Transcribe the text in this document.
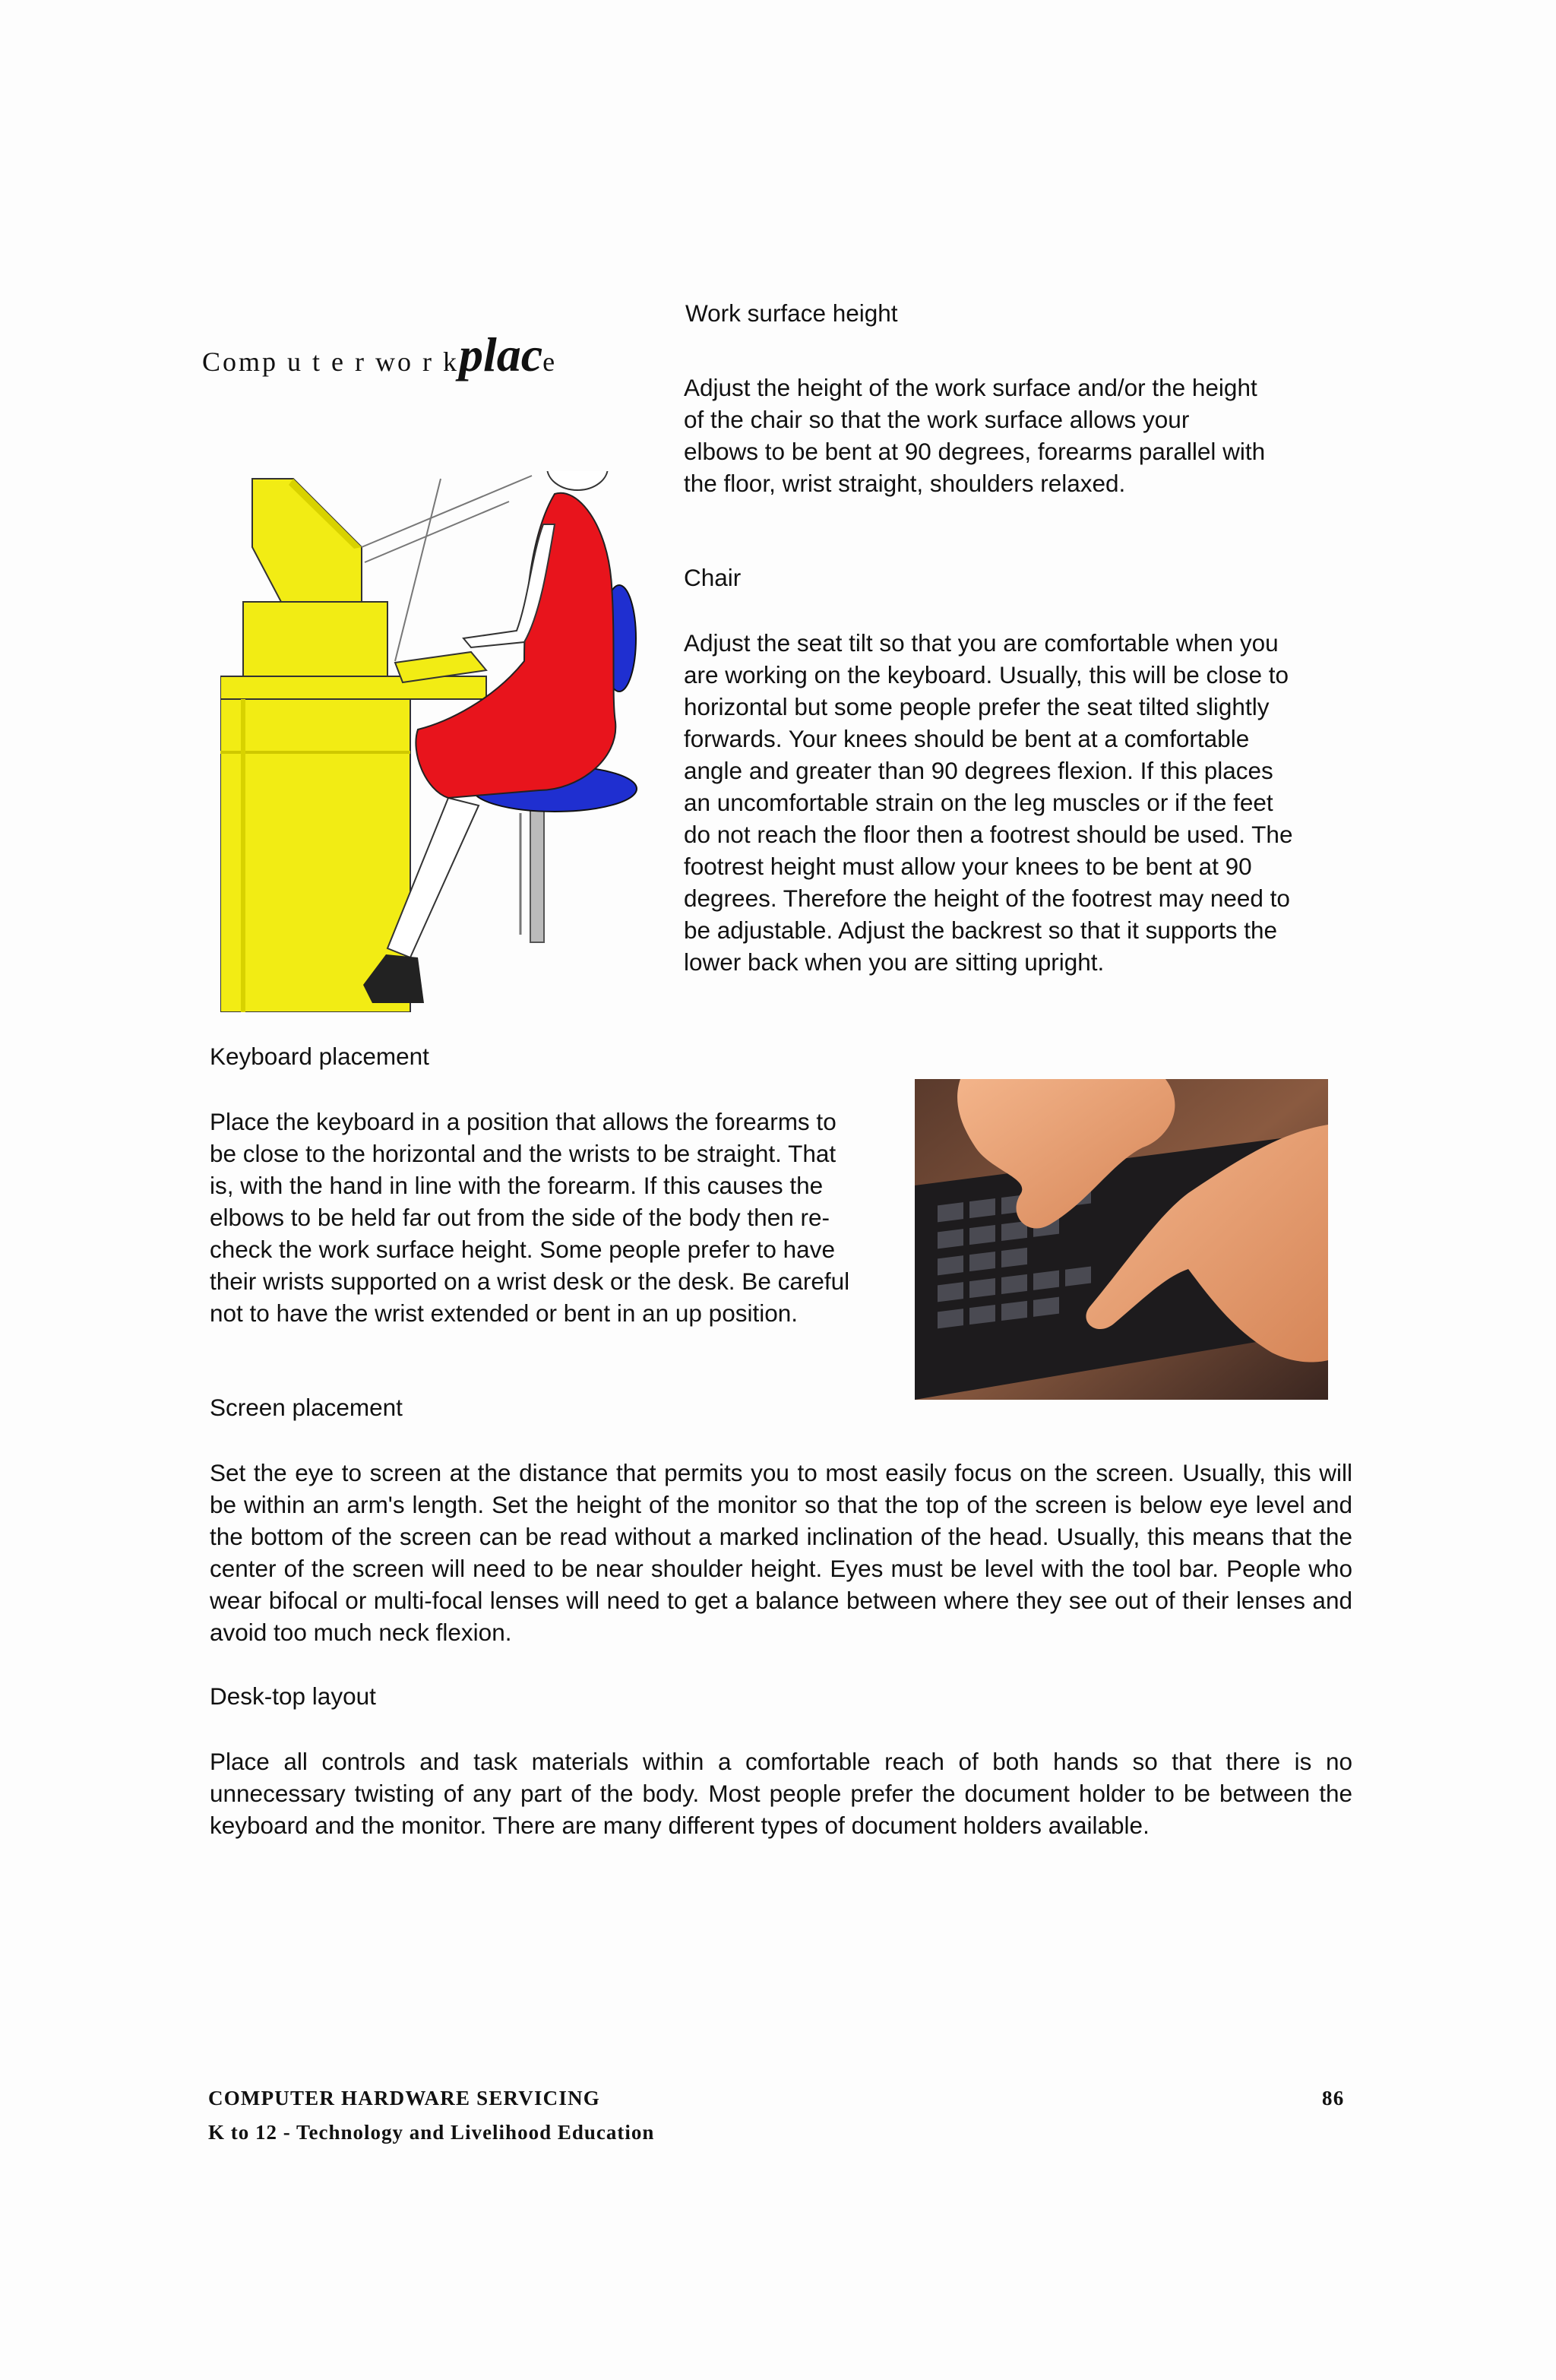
Comp u t e r wo r kplace

Work surface height

Adjust the height of the work surface and/or the height of the chair so that the work surface allows your elbows to be bent at 90 degrees, forearms parallel with the floor, wrist straight, shoulders relaxed.

Chair

Adjust the seat tilt so that you are comfortable when you are working on the keyboard. Usually, this will be close to horizontal but some people prefer the seat tilted slightly forwards. Your knees should be bent at a comfortable angle and greater than 90 degrees flexion. If this places an uncomfortable strain on the leg muscles or if the feet do not reach the floor then a footrest should be used. The footrest height must allow your knees to be bent at 90 degrees. Therefore the height of the footrest may need to be adjustable. Adjust the backrest so that it supports the lower back when you are sitting upright.

Keyboard placement

Place the keyboard in a position that allows the forearms to be close to the horizontal and the wrists to be straight. That is, with the hand in line with the forearm. If this causes the elbows to be held far out from the side of the body then re-check the work surface height. Some people prefer to have their wrists supported on a wrist desk or the desk. Be careful not to have the wrist extended or bent in an up position.

Screen placement

Set the eye to screen at the distance that permits you to most easily focus on the screen. Usually, this will be within an arm's length. Set the height of the monitor so that the top of the screen is below eye level and the bottom of the screen can be read without a marked inclination of the head. Usually, this means that the center of the screen will need to be near shoulder height. Eyes must be level with the tool bar. People who wear bifocal or multi-focal lenses will need to get a balance between where they see out of their lenses and avoid too much neck flexion.

Desk-top layout

Place all controls and task materials within a comfortable reach of both hands so that there is no unnecessary twisting of any part of the body. Most people prefer the document holder to be between the keyboard and the monitor. There are many different types of document holders available.

COMPUTER HARDWARE SERVICING
K to 12 - Technology and Livelihood Education
86
